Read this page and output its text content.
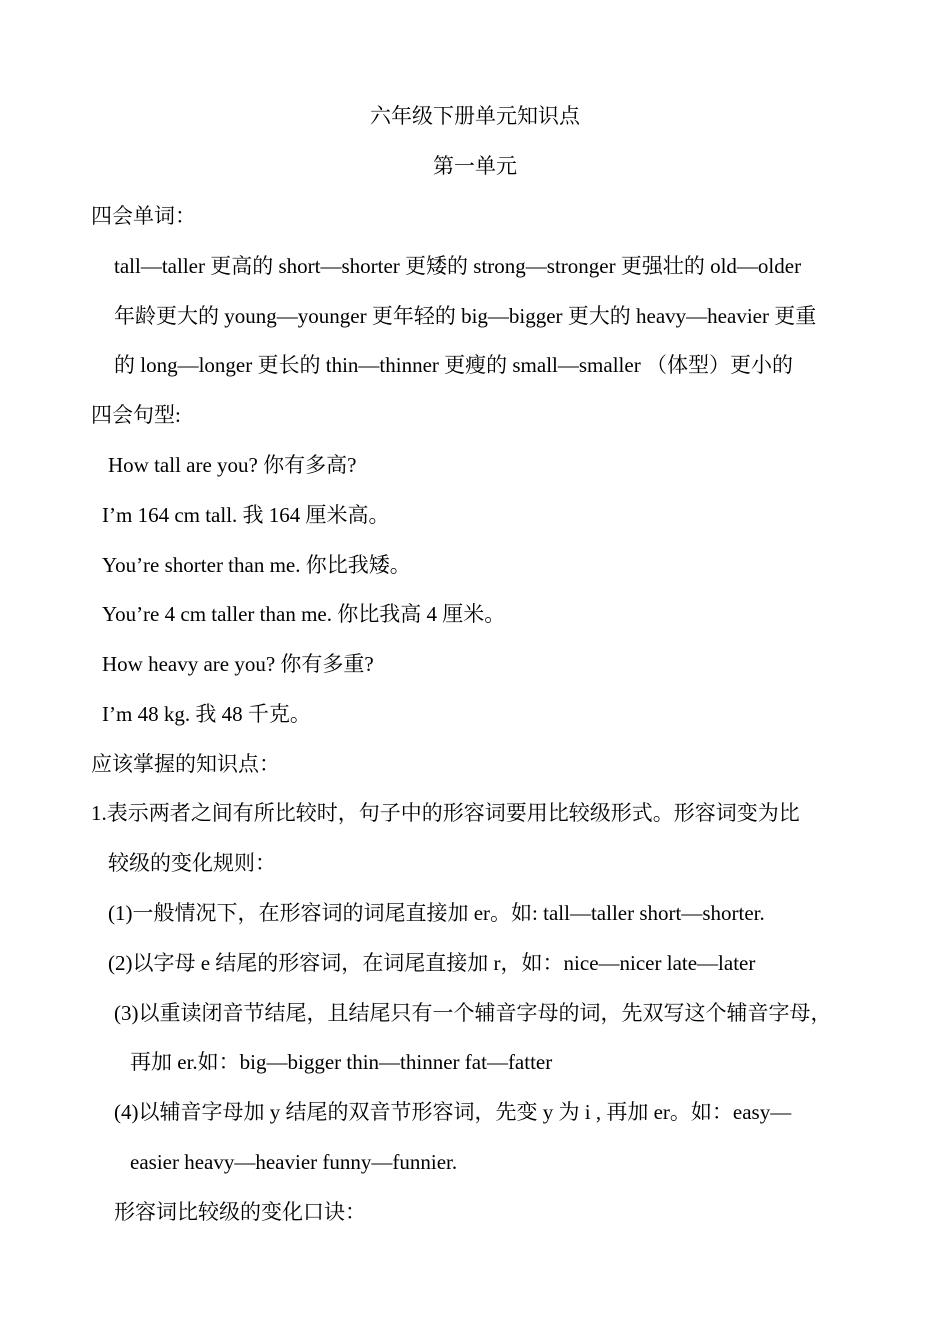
六年级下册单元知识点
第一单元
四会单词：
tall—taller 更高的 short—shorter 更矮的 strong—stronger 更强壮的 old—older
年龄更大的 young—younger 更年轻的 big—bigger 更大的 heavy—heavier 更重
的 long—longer 更长的 thin—thinner 更瘦的 small—smaller （体型）更小的
四会句型:
How tall are you? 你有多高?
I’m 164 cm tall. 我 164 厘米高。
You’re shorter than me. 你比我矮。
You’re 4 cm taller than me. 你比我高 4 厘米。
How heavy are you? 你有多重?
I’m 48 kg. 我 48 千克。
应该掌握的知识点：
1.表示两者之间有所比较时，句子中的形容词要用比较级形式。形容词变为比
较级的变化规则：
(1)一般情况下，在形容词的词尾直接加 er。如: tall—taller short—shorter.
(2)以字母 e 结尾的形容词，在词尾直接加 r，如：nice—nicer late—later
(3)以重读闭音节结尾，且结尾只有一个辅音字母的词，先双写这个辅音字母，
再加 er.如：big—bigger thin—thinner fat—fatter
(4)以辅音字母加 y 结尾的双音节形容词，先变 y 为 i , 再加 er。如：easy—
easier heavy—heavier funny—funnier.
形容词比较级的变化口诀：
